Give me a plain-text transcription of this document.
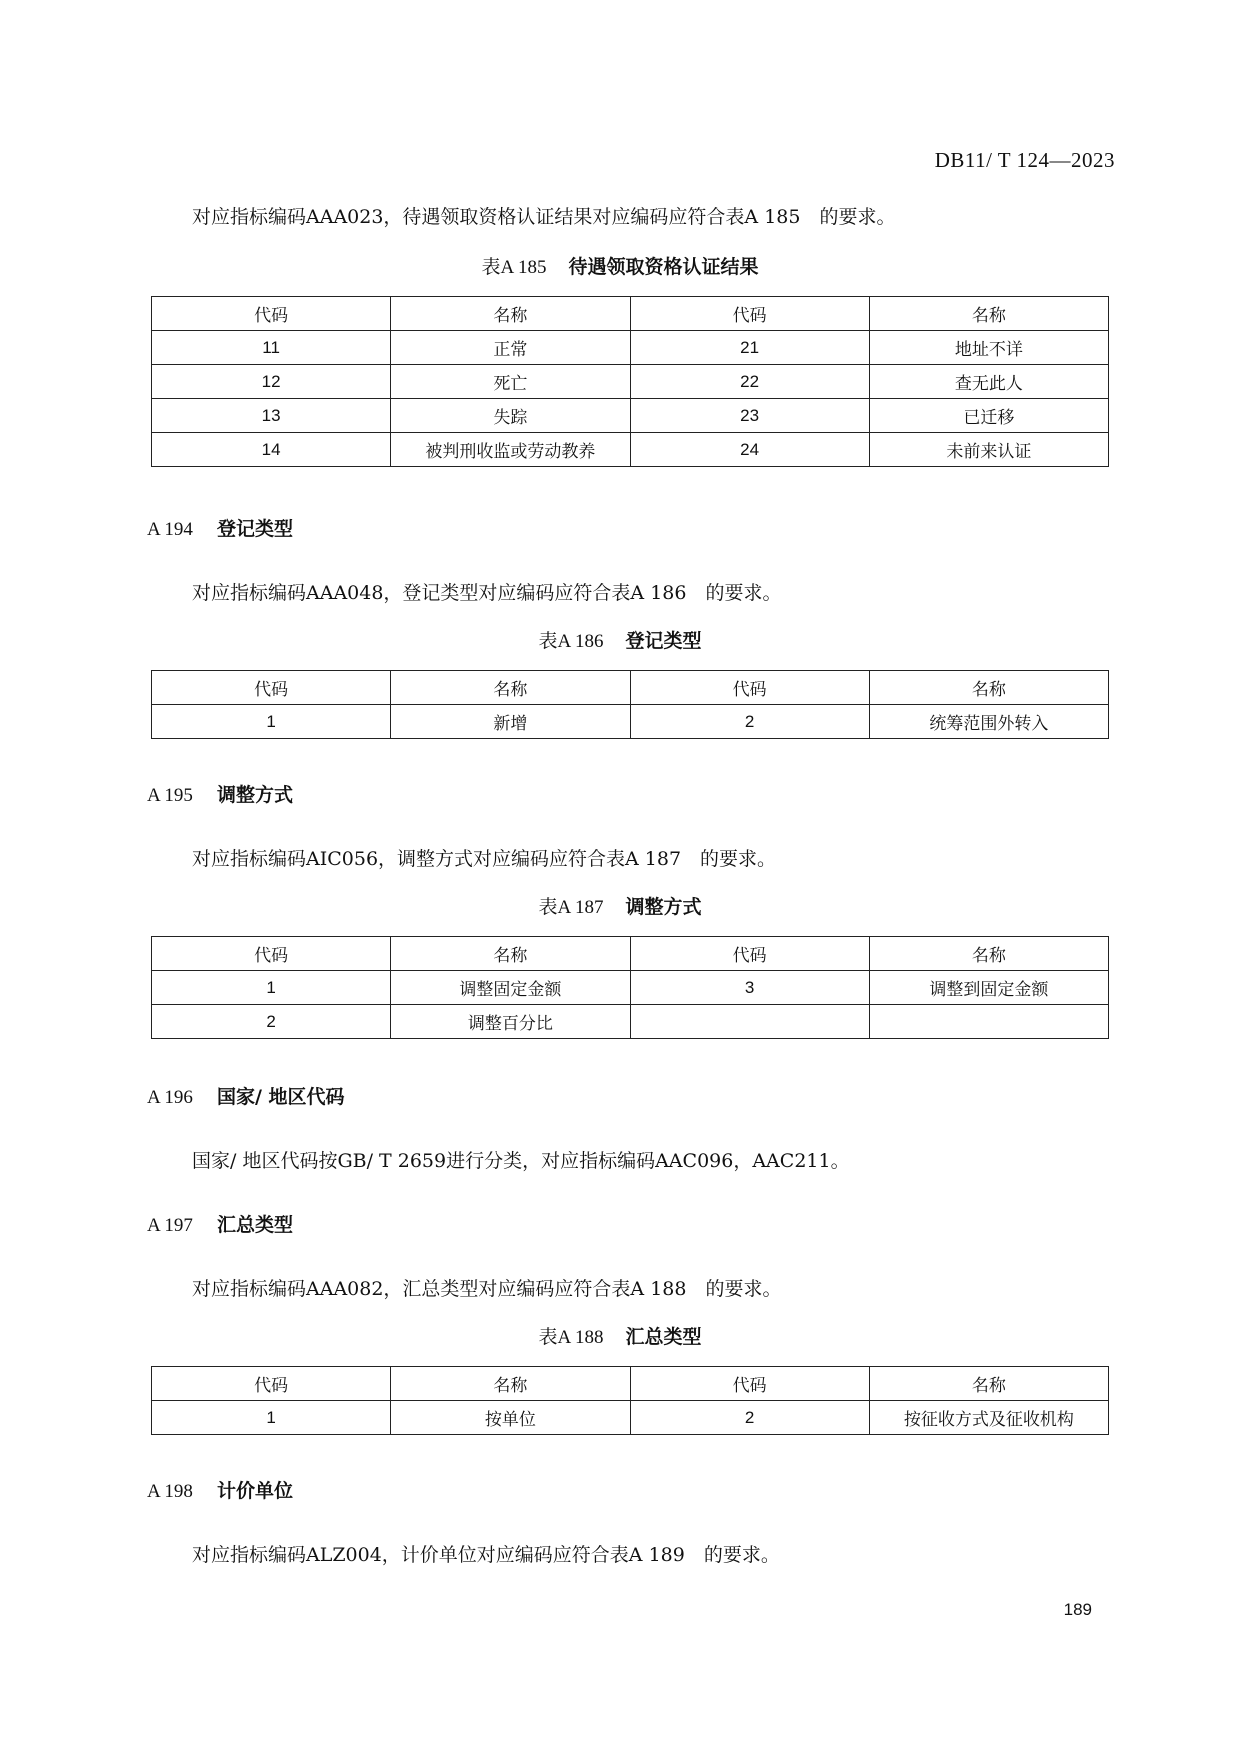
DB11/ T 124—2023
对应指标编码AAA023，待遇领取资格认证结果对应编码应符合表A 185　的要求。
表A 185 待遇领取资格认证结果
代码	名称	代码	名称
11	正常	21	地址不详
12	死亡	22	查无此人
13	失踪	23	已迁移
14	被判刑收监或劳动教养	24	未前来认证
A 194 登记类型
对应指标编码AAA048，登记类型对应编码应符合表A 186　的要求。
表A 186 登记类型
代码	名称	代码	名称
1	新增	2	统筹范围外转入
A 195 调整方式
对应指标编码AIC056，调整方式对应编码应符合表A 187　的要求。
表A 187 调整方式
代码	名称	代码	名称
1	调整固定金额	3	调整到固定金额
2	调整百分比		
A 196 国家/ 地区代码
国家/ 地区代码按GB/ T 2659进行分类，对应指标编码AAC096，AAC211。
A 197 汇总类型
对应指标编码AAA082，汇总类型对应编码应符合表A 188　的要求。
表A 188 汇总类型
代码	名称	代码	名称
1	按单位	2	按征收方式及征收机构
A 198 计价单位
对应指标编码ALZ004，计价单位对应编码应符合表A 189　的要求。
189
